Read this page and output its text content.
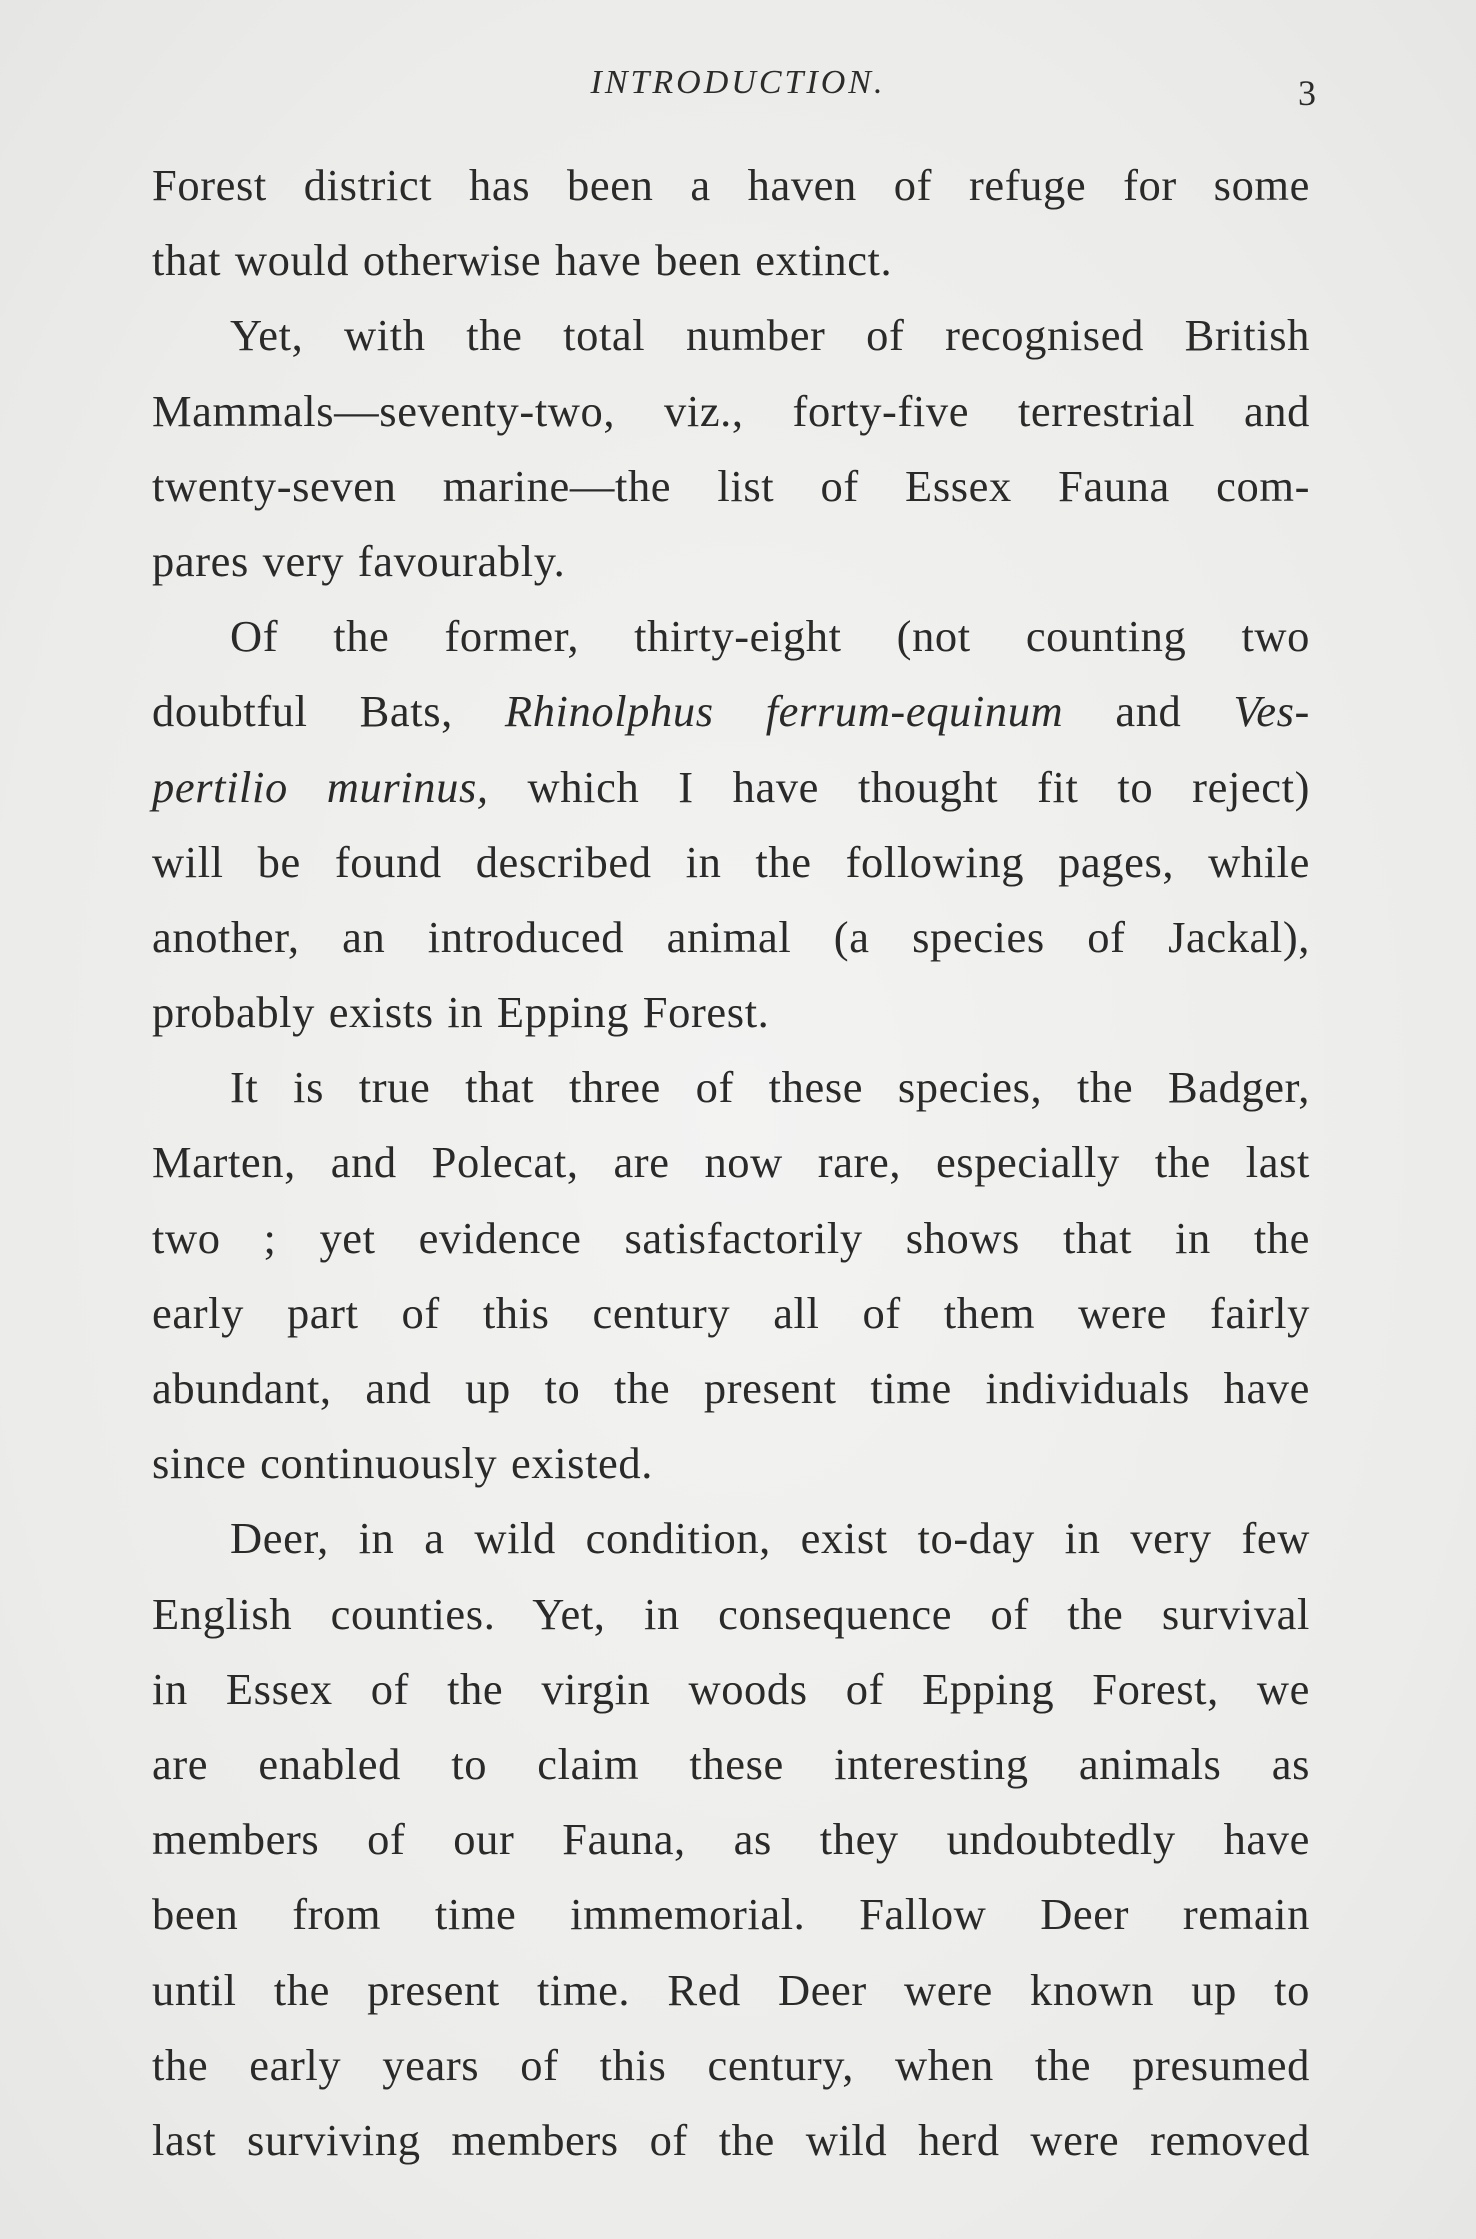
INTRODUCTION.	3
Forest district has been a haven of refuge for some
that would otherwise have been extinct.
Yet, with the total number of recognised British
Mammals—seventy-two, viz., forty-five terrestrial and
twenty-seven marine—the list of Essex Fauna com-
pares very favourably.
Of the former, thirty-eight (not counting two
doubtful Bats, Rhinolphus ferrum-equinum and Ves-
pertilio murinus, which I have thought fit to reject)
will be found described in the following pages, while
another, an introduced animal (a species of Jackal),
probably exists in Epping Forest.
It is true that three of these species, the Badger,
Marten, and Polecat, are now rare, especially the last
two ; yet evidence satisfactorily shows that in the
early part of this century all of them were fairly
abundant, and up to the present time individuals have
since continuously existed.
Deer, in a wild condition, exist to-day in very few
English counties. Yet, in consequence of the survival
in Essex of the virgin woods of Epping Forest, we
are enabled to claim these interesting animals as
members of our Fauna, as they undoubtedly have
been from time immemorial. Fallow Deer remain
until the present time. Red Deer were known up to
the early years of this century, when the presumed
last surviving members of the wild herd were removed
